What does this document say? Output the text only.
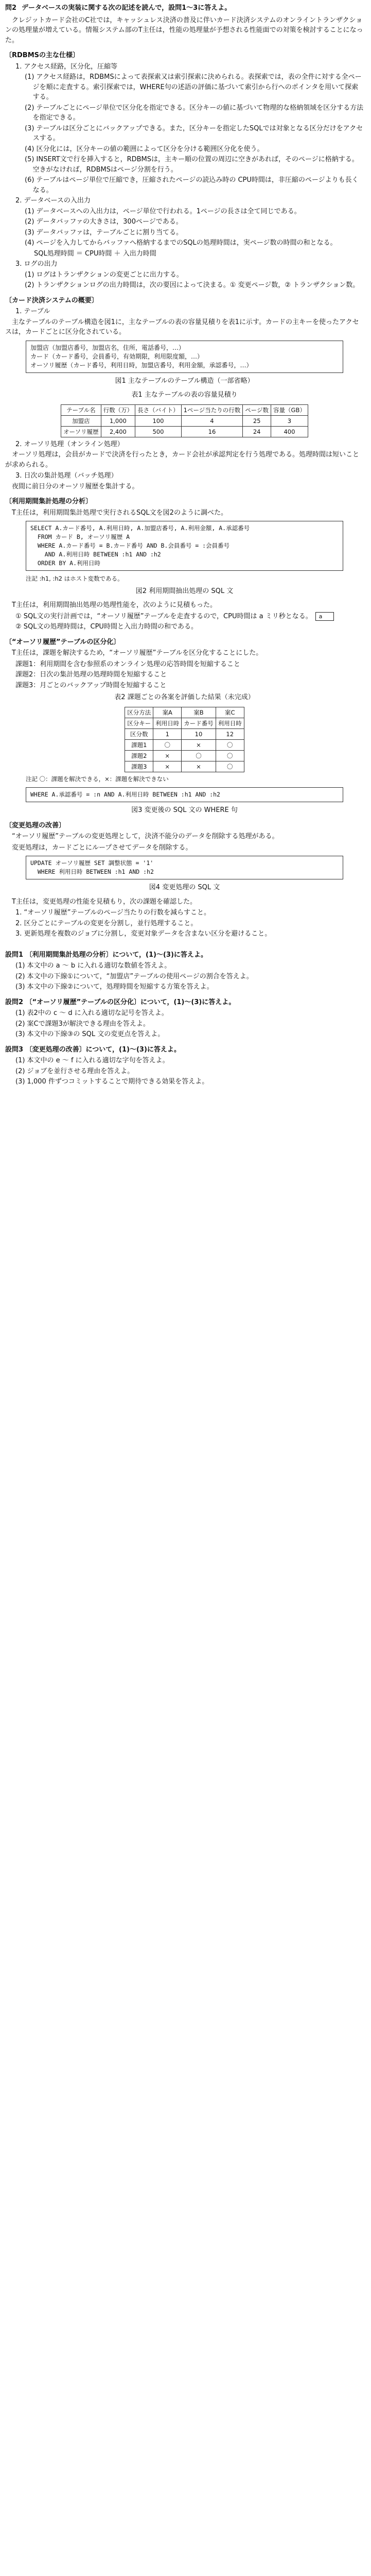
問2 データベースの実装に関する次の記述を読んで，設問1～3に答えよ。

クレジットカード会社のC社では，キャッシュレス決済の普及に伴いカード決済システムのオンライントランザクションの処理量が増えている。情報システム部のT主任は，性能の処理量が予想される性能面での対策を検討することになった。

〔RDBMSの主な仕様〕
1. アクセス経路，区分化，圧縮等
(1) アクセス経路は，RDBMSによって表探索又は索引探索に決められる。表探索では，表の全件に対する全ページを順に走査する。索引探索では，WHERE句の述語の評価に基づいて索引から行へのポインタを用いて探索する。
(2) テーブルごとにページ単位で区分化を指定できる。区分キーの値に基づいて物理的な格納領域を区分する方法を指定できる。
(3) テーブルは区分ごとにバックアップできる。また，区分キーを指定したSQLでは対象となる区分だけをアクセスする。
(4) 区分化には，区分キーの値の範囲によって区分を分ける範囲区分化を使う。
(5) INSERT文で行を挿入すると，RDBMSは，主キー順の位置の周辺に空きがあれば，そのページに格納する。空きがなければ，RDBMSはページ分割を行う。
(6) テーブルはページ単位で圧縮でき，圧縮されたページの読込み時の CPU時間は，非圧縮のページよりも長くなる。
2. データベースの入出力
(1) データベースへの入出力は，ページ単位で行われる。1ページの長さは全て同じである。
(2) データバッファの大きさは，300ページである。
(3) データバッファは，テーブルごとに割り当てる。
(4) ページを入力してからバッファへ格納するまでのSQLの処理時間は，実ページ数の時間の和となる。
SQL処理時間 ＝ CPU時間 ＋ 入出力時間
3. ログの出力
(1) ログはトランザクションの変更ごとに出力する。
(2) トランザクションログの出力時間は，次の要因によって決まる。① 変更ページ数，② トランザクション数。
〔カード決済システムの概要〕
1. テーブル

主なテーブルのテーブル構造を図1に，主なテーブルの表の容量見積りを表1に示す。カードの主キーを使ったアクセスは，カードごとに区分化されている。

加盟店（加盟店番号，加盟店名，住所，電話番号，…）
カード（カード番号，会員番号，有効期限，利用限度額，…）
オーソリ履歴（カード番号，利用日時，加盟店番号，利用金額，承認番号，…）
図1 主なテーブルのテーブル構造（一部省略）
表1 主なテーブルの表の容量見積り
テーブル名	行数（万）	長さ（バイト）	1ページ当たりの行数	ページ数	容量（GB）
加盟店	1,000	100	4	25	3
オーソリ履歴	2,400	500	16	24	400
2. オーソリ処理（オンライン処理）

オーソリ処理は，会員がカードで決済を行ったとき，カード会社が承認判定を行う処理である。処理時間は短いことが求められる。

3. 日次の集計処理（バッチ処理）

夜間に前日分のオーソリ履歴を集計する。

〔利用期間集計処理の分析〕

T主任は，利用期間集計処理で実行されるSQL文を図2のように調べた。

SELECT A.カード番号, A.利用日時, A.加盟店番号, A.利用金額, A.承認番号
FROM カード B, オーソリ履歴 A
WHERE A.カード番号 = B.カード番号 AND B.会員番号 = :会員番号
AND A.利用日時 BETWEEN :h1 AND :h2
ORDER BY A.利用日時
注記 :h1, :h2 はホスト変数である。
図2 利用期間抽出処理の SQL 文

T主任は，利用期間抽出処理の処理性能を，次のように見積もった。

① SQL文の実行計画では，“オーソリ履歴”テーブルを走査するので，CPU時間は a ミリ秒となる。 a
② SQL文の処理時間は，CPU時間と入出力時間の和である。
〔“オーソリ履歴”テーブルの区分化〕

T主任は，課題を解決するため，“オーソリ履歴”テーブルを区分化することにした。

課題1：利用期間を含む参照系のオンライン処理の応答時間を短縮すること
課題2：日次の集計処理の処理時間を短縮すること
課題3：月ごとのバックアップ時間を短縮すること
表2 課題ごとの各案を評価した結果（未完成）
区分方法	案A	案B	案C
区分キー	利用日時	カード番号	利用日時
区分数	1	10	12
課題1	〇	×	〇
課題2	×	〇	〇
課題3	×	×	〇
注記 〇：課題を解決できる，×：課題を解決できない
WHERE A.承認番号 = :n AND A.利用日時 BETWEEN :h1 AND :h2
図3 変更後の SQL 文の WHERE 句
〔変更処理の改善〕

“オーソリ履歴”テーブルの変更処理として，決済不能分のデータを削除する処理がある。

変更処理は，カードごとにループさせてデータを削除する。

UPDATE オーソリ履歴 SET 調整状態 = '1'
WHERE 利用日時 BETWEEN :h1 AND :h2
図4 変更処理の SQL 文

T主任は，変更処理の性能を見積もり，次の課題を確認した。

1. “オーソリ履歴”テーブルのページ当たりの行数を減らすこと。
2. 区分ごとにテーブルの変更を分割し，並行処理すること。
3. 更新処理を複数のジョブに分割し，変更対象データを含まない区分を避けること。
設問1 〔利用期間集計処理の分析〕について，(1)～(3)に答えよ。
(1) 本文中の a ～ b に入れる適切な数値を答えよ。
(2) 本文中の下線①について，“加盟店”テーブルの使用ページの割合を答えよ。
(3) 本文中の下線②について，処理時間を短縮する方策を答えよ。
設問2 〔“オーソリ履歴”テーブルの区分化〕について，(1)～(3)に答えよ。
(1) 表2中の c ～ d に入れる適切な記号を答えよ。
(2) 案Cで課題3が解決できる理由を答えよ。
(3) 本文中の下線③の SQL 文の変更点を答えよ。
設問3 〔変更処理の改善〕について，(1)～(3)に答えよ。
(1) 本文中の e ～ f に入れる適切な字句を答えよ。
(2) ジョブを並行させる理由を答えよ。
(3) 1,000 件ずつコミットすることで期待できる効果を答えよ。
